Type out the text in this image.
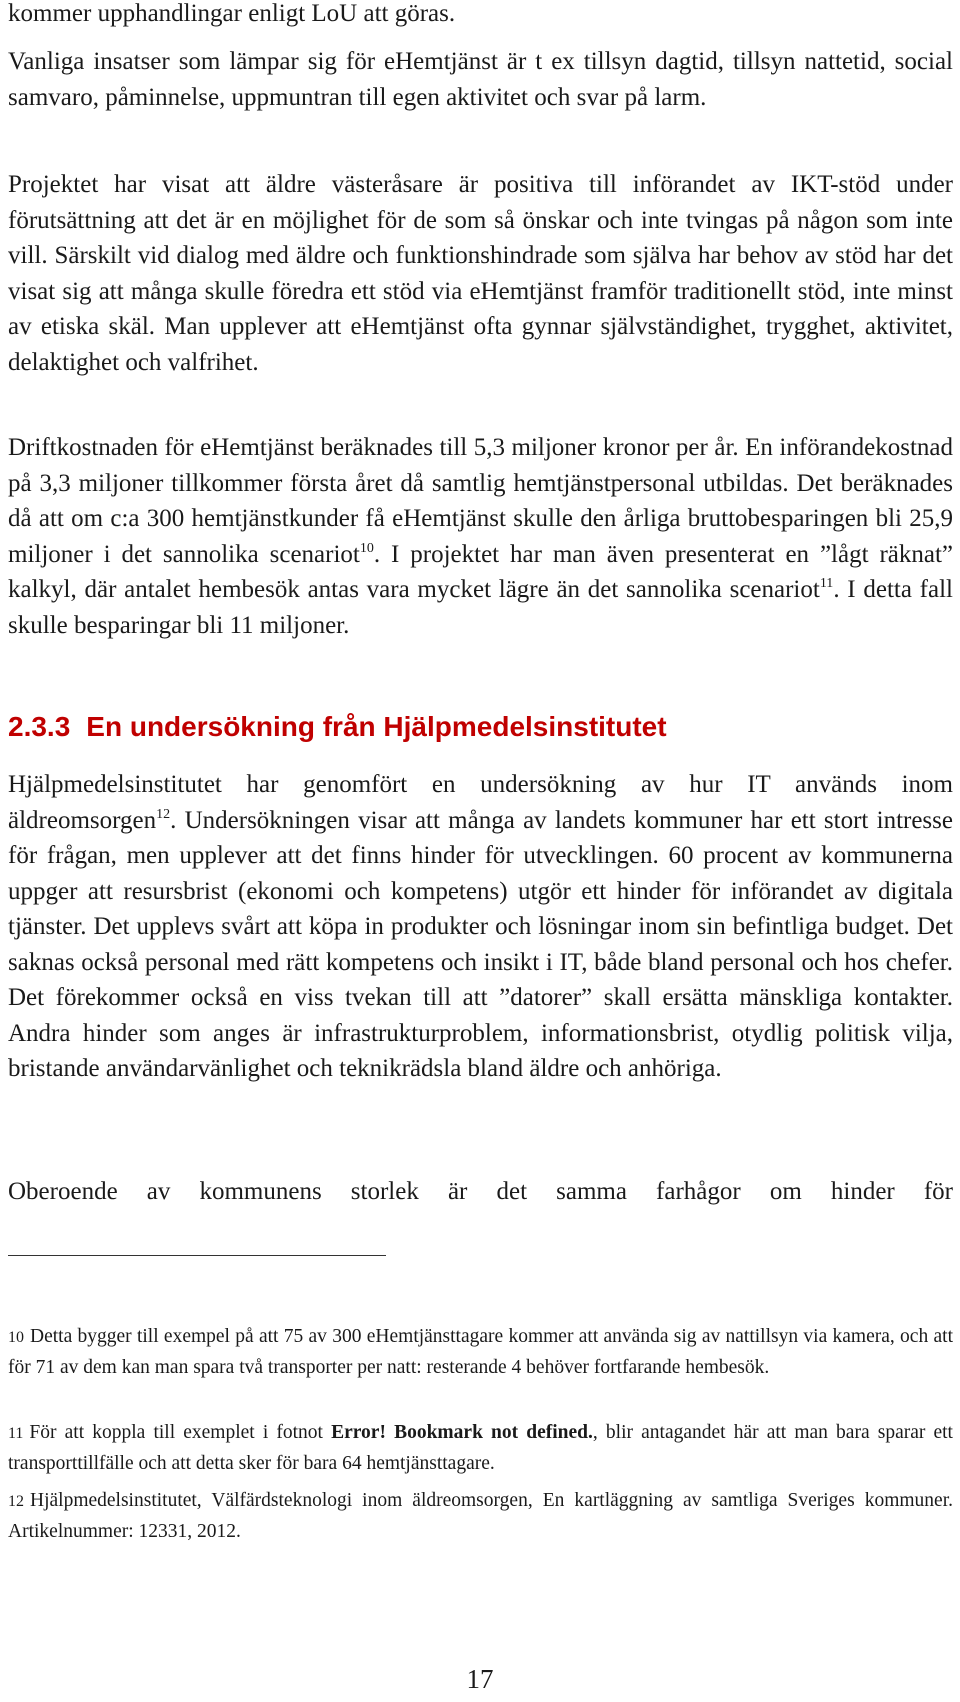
kommer upphandlingar enligt LoU att göras.

Vanliga insatser som lämpar sig för eHemtjänst är t ex tillsyn dagtid, tillsyn nattetid, social samvaro, påminnelse, uppmuntran till egen aktivitet och svar på larm.

Projektet har visat att äldre västeråsare är positiva till införandet av IKT-stöd under förutsättning att det är en möjlighet för de som så önskar och inte tvingas på någon som inte vill. Särskilt vid dialog med äldre och funktionshindrade som själva har behov av stöd har det visat sig att många skulle föredra ett stöd via eHemtjänst framför traditionellt stöd, inte minst av etiska skäl. Man upplever att eHemtjänst ofta gynnar självständighet, trygghet, aktivitet, delaktighet och valfrihet.

Driftkostnaden för eHemtjänst beräknades till 5,3 miljoner kronor per år. En införandekostnad på 3,3 miljoner tillkommer första året då samtlig hemtjänstpersonal utbildas. Det beräknades då att om c:a 300 hemtjänstkunder få eHemtjänst skulle den årliga bruttobesparingen bli 25,9 miljoner i det sannolika scenariot$^{10}$. I projektet har man även presenterat en ”lågt räknat” kalkyl, där antalet hembesök antas vara mycket lägre än det sannolika scenariot$^{11}$. I detta fall skulle besparingar bli 11 miljoner.

2.3.3 En undersökning från Hjälpmedelsinstitutet

Hjälpmedelsinstitutet har genomfört en undersökning av hur IT används inom äldreomsorgen$^{12}$. Undersökningen visar att många av landets kommuner har ett stort intresse för frågan, men upplever att det finns hinder för utvecklingen. 60 procent av kommunerna uppger att resursbrist (ekonomi och kompetens) utgör ett hinder för införandet av digitala tjänster. Det upplevs svårt att köpa in produkter och lösningar inom sin befintliga budget. Det saknas också personal med rätt kompetens och insikt i IT, både bland personal och hos chefer. Det förekommer också en viss tvekan till att ”datorer” skall ersätta mänskliga kontakter. Andra hinder som anges är infrastrukturproblem, informationsbrist, otydlig politisk vilja, bristande användarvänlighet och teknikrädsla bland äldre och anhöriga.

Oberoende av kommunens storlek är det samma farhågor om hinder för

10 Detta bygger till exempel på att 75 av 300 eHemtjänsttagare kommer att använda sig av nattillsyn via kamera, och att för 71 av dem kan man spara två transporter per natt: resterande 4 behöver fortfarande hembesök.

11 För att koppla till exemplet i fotnot Error! Bookmark not defined., blir antagandet här att man bara sparar ett transporttillfälle och att detta sker för bara 64 hemtjänsttagare.

12 Hjälpmedelsinstitutet, Välfärdsteknologi inom äldreomsorgen, En kartläggning av samtliga Sveriges kommuner. Artikelnummer: 12331, 2012.

17
